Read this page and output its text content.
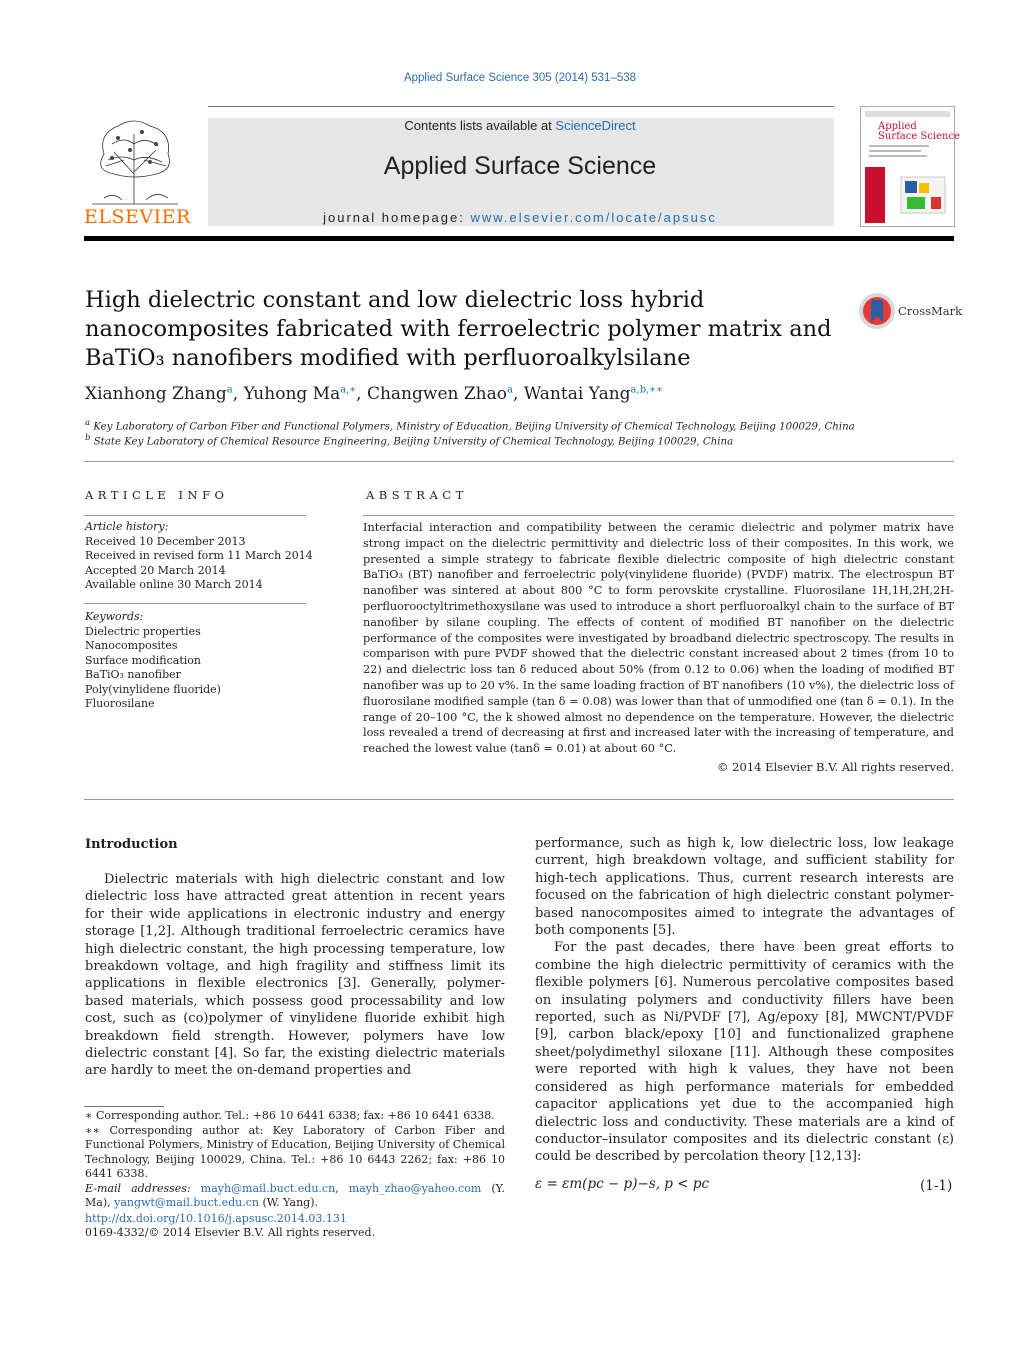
Applied Surface Science 305 (2014) 531–538
ELSEVIER
Contents lists available at ScienceDirect
Applied Surface Science
journal homepage: www.elsevier.com/locate/apsusc
Applied
Surface Science
High dielectric constant and low dielectric loss hybrid nanocomposites fabricated with ferroelectric polymer matrix and BaTiO₃ nanofibers modified with perfluoroalkylsilane
CrossMark
Xianhong Zhang$^a$, Yuhong $Ma^{a,∗}$, Changwen Zhao$^a$, Wantai Yang$^{a,b,∗∗}$
$^a$ Key Laboratory of Carbon Fiber and Functional Polymers, Ministry of Education, Beijing University of Chemical Technology, Beijing 100029, China
$^b$ State Key Laboratory of Chemical Resource Engineering, Beijing University of Chemical Technology, Beijing 100029, China
ARTICLE INFO
Article history:
Received 10 December 2013
Received in revised form 11 March 2014
Accepted 20 March 2014
Available online 30 March 2014
Keywords:
Dielectric properties
Nanocomposites
Surface modification
BaTiO₃ nanofiber
Poly(vinylidene fluoride)
Fluorosilane
ABSTRACT
Interfacial interaction and compatibility between the ceramic dielectric and polymer matrix have strong impact on the dielectric permittivity and dielectric loss of their composites. In this work, we presented a simple strategy to fabricate flexible dielectric composite of high dielectric constant BaTiO₃ (BT) nanofiber and ferroelectric poly(vinylidene fluoride) (PVDF) matrix. The electrospun BT nanofiber was sintered at about 800 °C to form perovskite crystalline. Fluorosilane 1H,1H,2H,2H-perfluorooctyltrimethoxysilane was used to introduce a short perfluoroalkyl chain to the surface of BT nanofiber by silane coupling. The effects of content of modified BT nanofiber on the dielectric performance of the composites were investigated by broadband dielectric spectroscopy. The results in comparison with pure PVDF showed that the dielectric constant increased about 2 times (from 10 to 22) and dielectric loss tan δ reduced about 50% (from 0.12 to 0.06) when the loading of modified BT nanofiber was up to 20 v%. In the same loading fraction of BT nanofibers (10 v%), the dielectric loss of fluorosilane modified sample (tan δ = 0.08) was lower than that of unmodified one (tan δ = 0.1). In the range of 20–100 °C, the k showed almost no dependence on the temperature. However, the dielectric loss revealed a trend of decreasing at first and increased later with the increasing of temperature, and reached the lowest value (tanδ = 0.01) at about 60 °C.
© 2014 Elsevier B.V. All rights reserved.
Introduction

Dielectric materials with high dielectric constant and low dielectric loss have attracted great attention in recent years for their wide applications in electronic industry and energy storage [1,2]. Although traditional ferroelectric ceramics have high dielectric constant, the high processing temperature, low breakdown voltage, and high fragility and stiffness limit its applications in flexible electronics [3]. Generally, polymer-based materials, which possess good processability and low cost, such as (co)polymer of vinylidene fluoride exhibit high breakdown field strength. However, polymers have low dielectric constant [4]. So far, the existing dielectric materials are hardly to meet the on-demand properties and

performance, such as high k, low dielectric loss, low leakage current, high breakdown voltage, and sufficient stability for high-tech applications. Thus, current research interests are focused on the fabrication of high dielectric constant polymer-based nanocomposites aimed to integrate the advantages of both components [5].

For the past decades, there have been great efforts to combine the high dielectric permittivity of ceramics with the flexible polymers [6]. Numerous percolative composites based on insulating polymers and conductivity fillers have been reported, such as Ni/PVDF [7], Ag/epoxy [8], MWCNT/PVDF [9], carbon black/epoxy [10] and functionalized graphene sheet/polydimethyl siloxane [11]. Although these composites were reported with high k values, they have not been considered as high performance materials for embedded capacitor applications yet due to the accompanied high dielectric loss and conductivity. These materials are a kind of conductor–insulator composites and its dielectric constant (ε) could be described by percolation theory [12,13]:

ε = εm(pc − p)−s, p < pc	(1-1)
∗ Corresponding author. Tel.: +86 10 6441 6338; fax: +86 10 6441 6338.
∗∗ Corresponding author at: Key Laboratory of Carbon Fiber and Functional Polymers, Ministry of Education, Beijing University of Chemical Technology, Beijing 100029, China. Tel.: +86 10 6443 2262; fax: +86 10 6441 6338.
E-mail addresses: mayh@mail.buct.edu.cn, mayh_zhao@yahoo.com (Y. Ma), yangwt@mail.buct.edu.cn (W. Yang).
http://dx.doi.org/10.1016/j.apsusc.2014.03.131
0169-4332/© 2014 Elsevier B.V. All rights reserved.
